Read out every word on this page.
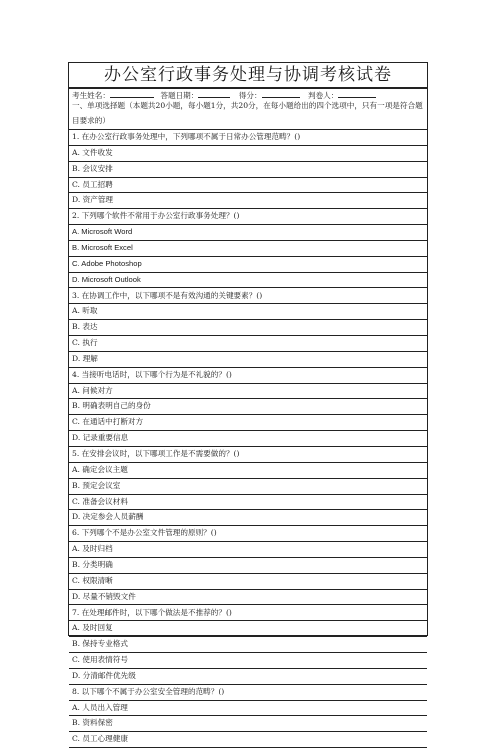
办公室行政事务处理与协调考核试卷
考生姓名：	答题日期：	得分：	判卷人：
一、单项选择题（本题共20小题，每小题1分，共20分，在每小题给出的四个选项中，只有一项是符合题目要求的）
1. 在办公室行政事务处理中，下列哪项不属于日常办公管理范畴？()
A. 文件收发
B. 会议安排
C. 员工招聘
D. 资产管理
2. 下列哪个软件不常用于办公室行政事务处理？()
A. Microsoft Word
B. Microsoft Excel
C. Adobe Photoshop
D. Microsoft Outlook
3. 在协调工作中，以下哪项不是有效沟通的关键要素？()
A. 听取
B. 表达
C. 执行
D. 理解
4. 当接听电话时，以下哪个行为是不礼貌的？()
A. 问候对方
B. 明确表明自己的身份
C. 在通话中打断对方
D. 记录重要信息
5. 在安排会议时，以下哪项工作是不需要做的？()
A. 确定会议主题
B. 预定会议室
C. 准备会议材料
D. 决定参会人员薪酬
6. 下列哪个不是办公室文件管理的原则？()
A. 及时归档
B. 分类明确
C. 权限清晰
D. 尽量不销毁文件
7. 在处理邮件时，以下哪个做法是不推荐的？()
A. 及时回复
B. 保持专业格式
C. 使用表情符号
D. 分清邮件优先级
8. 以下哪个不属于办公室安全管理的范畴？()
A. 人员出入管理
B. 资料保密
C. 员工心理健康
